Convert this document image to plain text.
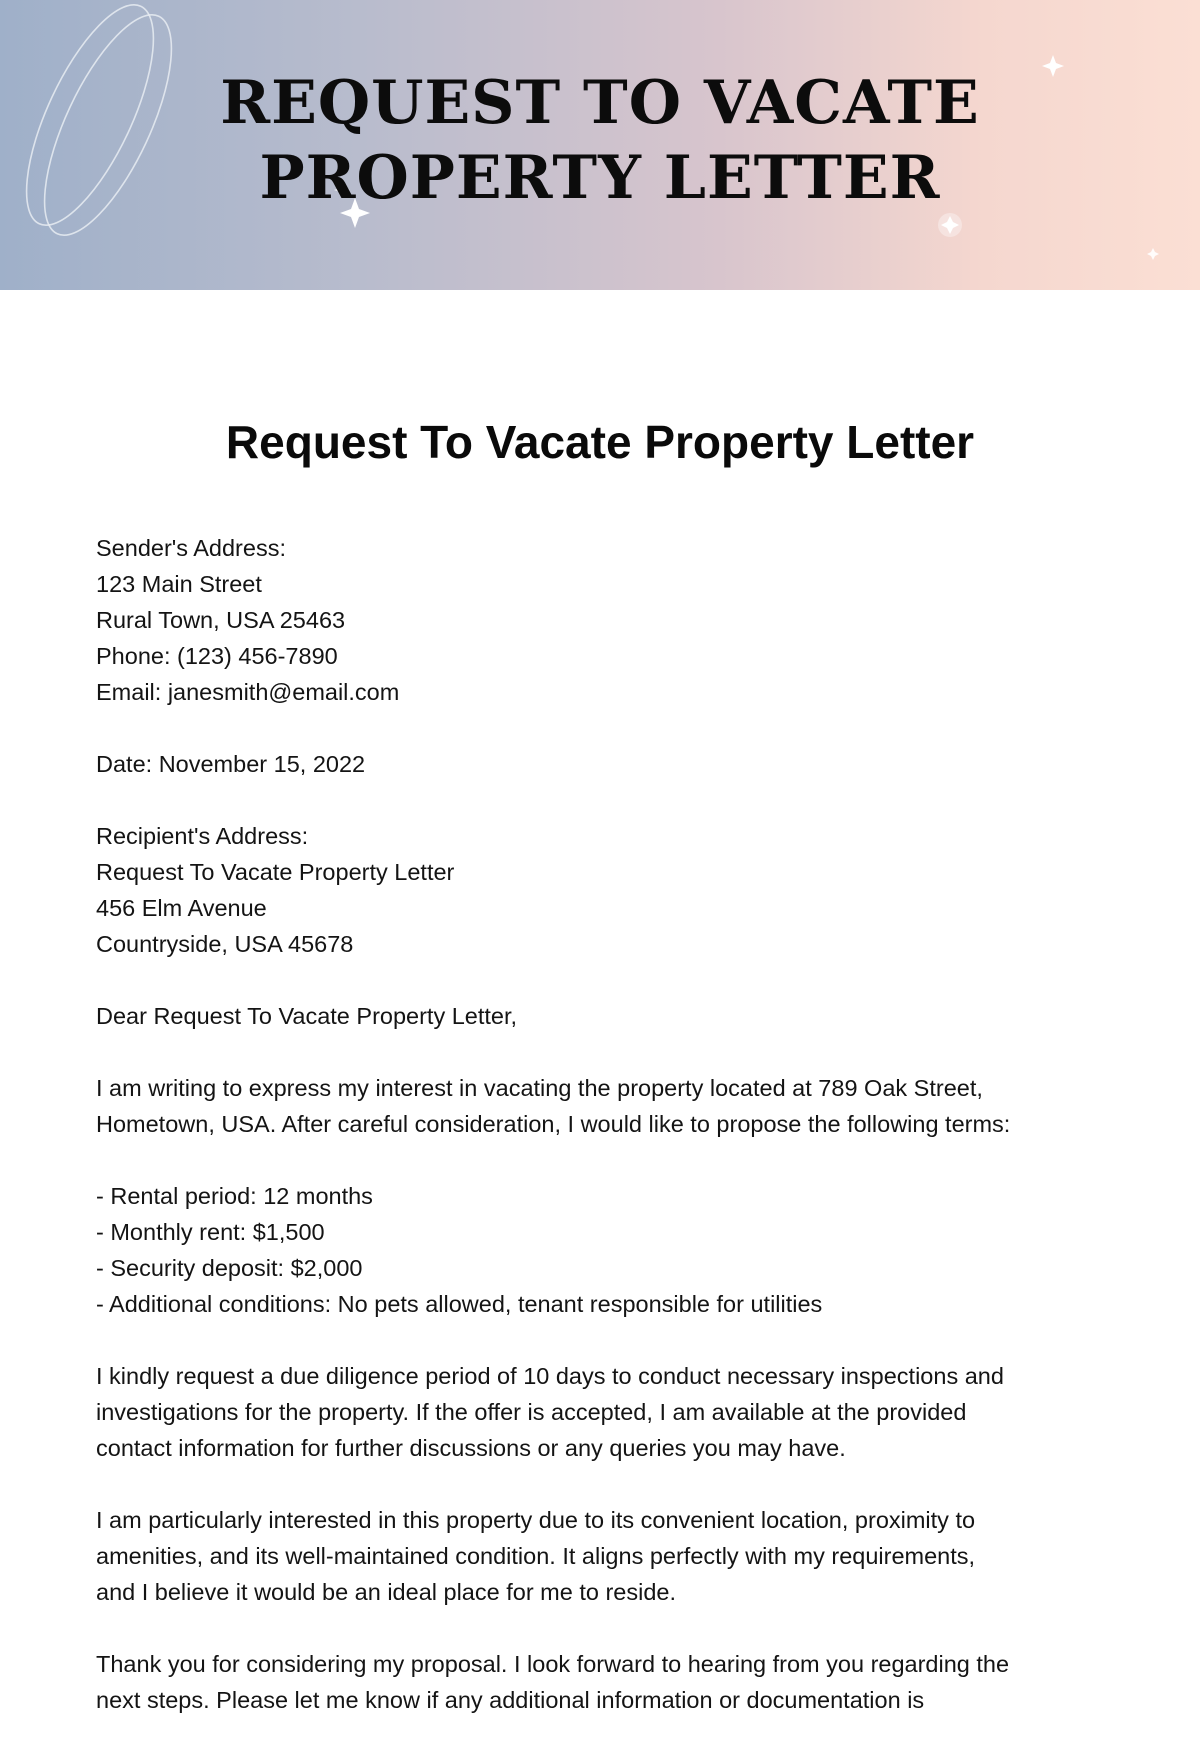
REQUEST TO VACATE
PROPERTY LETTER
Request To Vacate Property Letter

Sender's Address:
123 Main Street
Rural Town, USA 25463
Phone: (123) 456-7890
Email: janesmith@email.com

Date: November 15, 2022

Recipient's Address:
Request To Vacate Property Letter
456 Elm Avenue
Countryside, USA 45678

Dear Request To Vacate Property Letter,

I am writing to express my interest in vacating the property located at 789 Oak Street,
Hometown, USA. After careful consideration, I would like to propose the following terms:

- Rental period: 12 months
- Monthly rent: $1,500
- Security deposit: $2,000
- Additional conditions: No pets allowed, tenant responsible for utilities

I kindly request a due diligence period of 10 days to conduct necessary inspections and
investigations for the property. If the offer is accepted, I am available at the provided
contact information for further discussions or any queries you may have.

I am particularly interested in this property due to its convenient location, proximity to
amenities, and its well-maintained condition. It aligns perfectly with my requirements,
and I believe it would be an ideal place for me to reside.

Thank you for considering my proposal. I look forward to hearing from you regarding the
next steps. Please let me know if any additional information or documentation is
